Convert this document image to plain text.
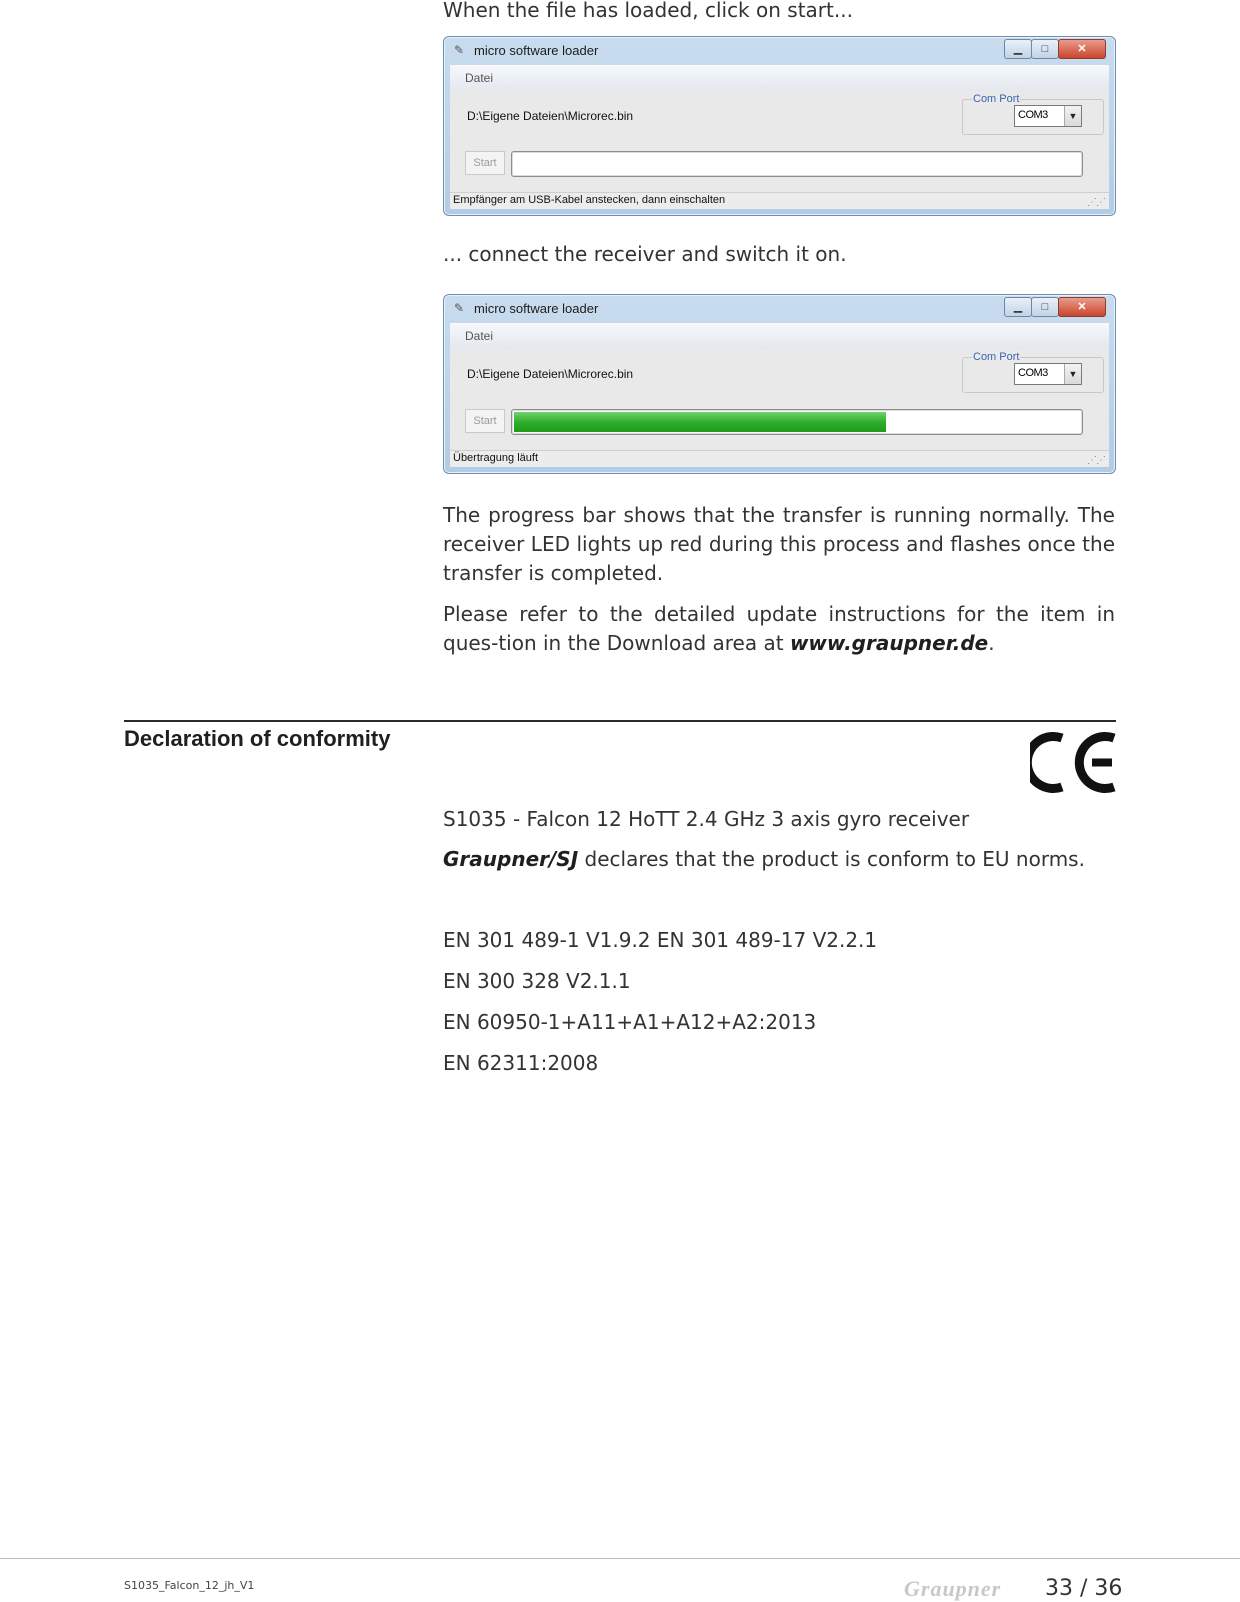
When the file has loaded, click on start...
✎ micro software loader	▁	□	✕
Datei
D:\Eigene Dateien\Microrec.bin
Com Port
COM3	▼
Start
Empfänger am USB-Kabel anstecken, dann einschalten	⋰⋰
... connect the receiver and switch it on.
✎ micro software loader	▁	□	✕
Datei
D:\Eigene Dateien\Microrec.bin
Com Port
COM3	▼
Start
Übertragung läuft	⋰⋰
The progress bar shows that the transfer is running normally. The receiver LED lights up red during this process and flashes once the transfer is completed.
Please refer to the detailed update instructions for the item in ques-tion in the Download area at www.graupner.de.
Declaration of conformity
S1035 - Falcon 12 HoTT 2.4 GHz 3 axis gyro receiver
Graupner/SJ declares that the product is conform to EU norms.
EN 301 489-1 V1.9.2 EN 301 489-17 V2.2.1
EN 300 328 V2.1.1
EN 60950-1+A11+A1+A12+A2:2013
EN 62311:2008
S1035_Falcon_12_jh_V1	Graupner 33 / 36
